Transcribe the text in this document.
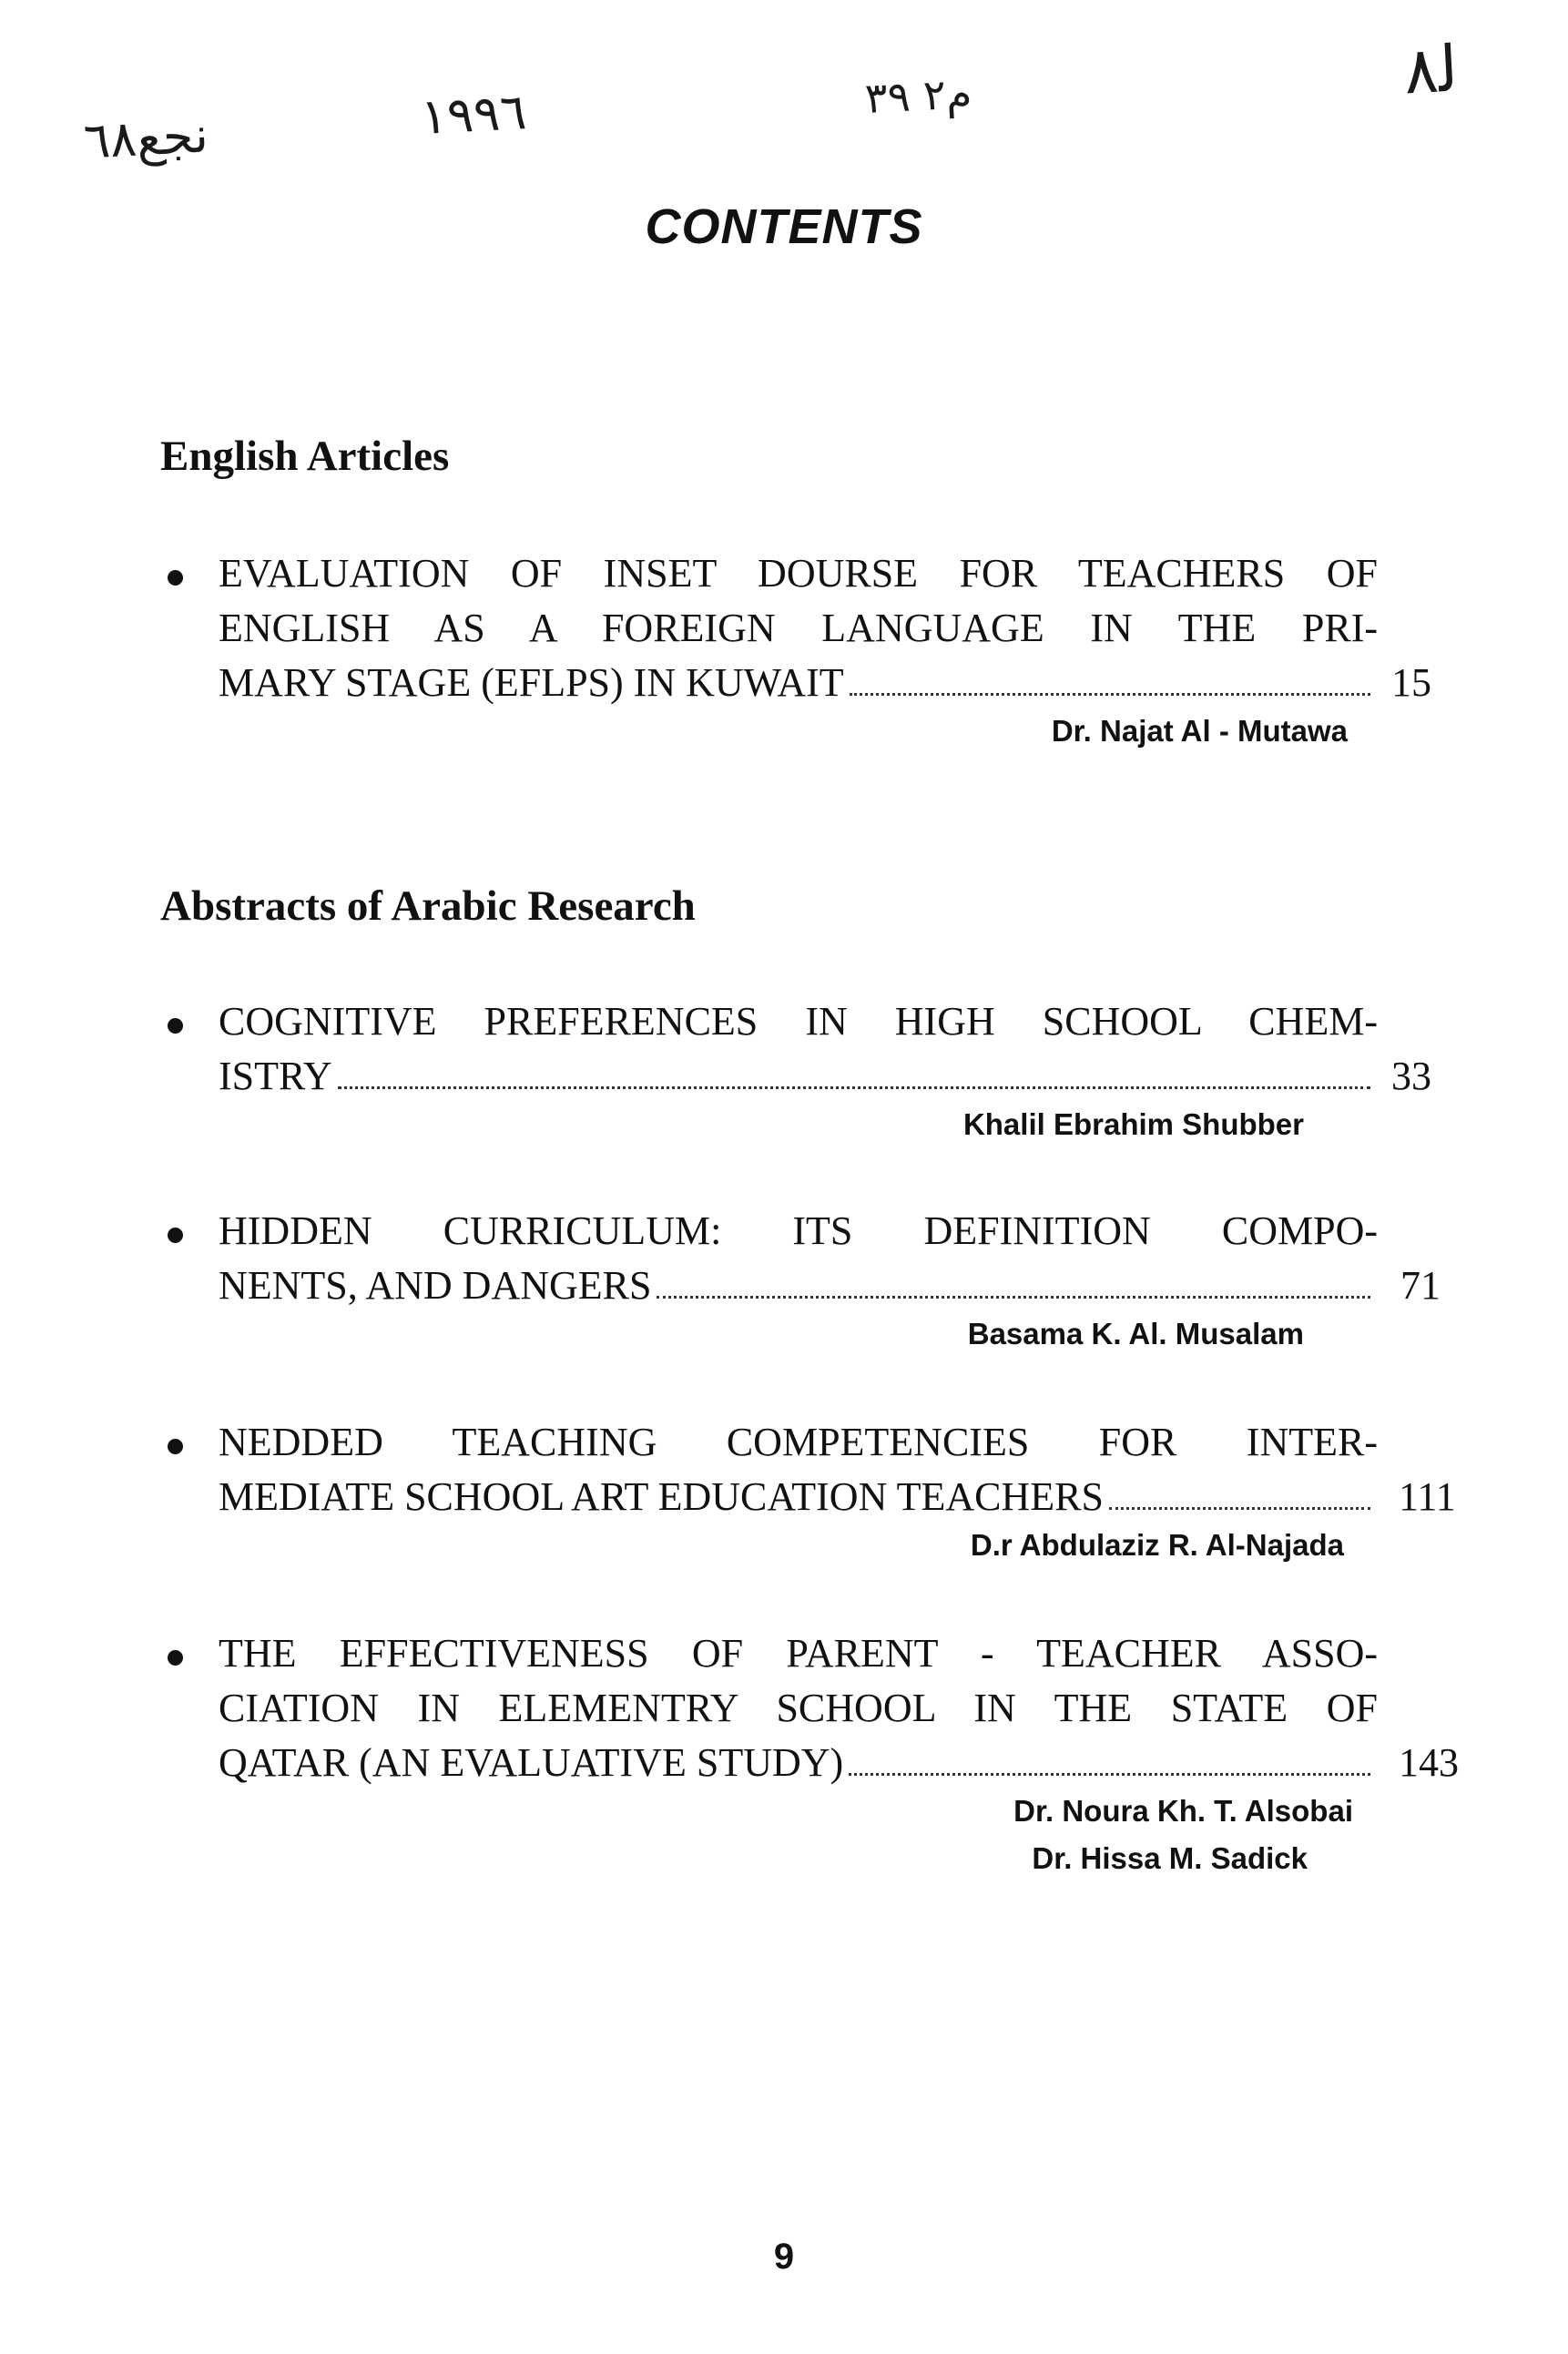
ﻧﺠﻊ٦٨	١٩٩٦	م٢ ٣٩	ﻟ٨
CONTENTS
English Articles
EVALUATION OF INSET DOURSE FOR TEACHERS OF
ENGLISH AS A FOREIGN LANGUAGE IN THE PRI-
MARY STAGE (EFLPS) IN KUWAIT	15
Dr. Najat Al - Mutawa
Abstracts of Arabic Research
COGNITIVE PREFERENCES IN HIGH SCHOOL CHEM-
ISTRY	33
Khalil Ebrahim Shubber
HIDDEN CURRICULUM: ITS DEFINITION COMPO-
NENTS, AND DANGERS	71
Basama K. Al. Musalam
NEDDED TEACHING COMPETENCIES FOR INTER-
MEDIATE SCHOOL ART EDUCATION TEACHERS	111
D.r Abdulaziz R. Al-Najada
THE EFFECTIVENESS OF PARENT - TEACHER ASSO-
CIATION IN ELEMENTRY SCHOOL IN THE STATE OF
QATAR (AN EVALUATIVE STUDY)	143
Dr. Noura Kh. T. Alsobai
Dr. Hissa M. Sadick
9
